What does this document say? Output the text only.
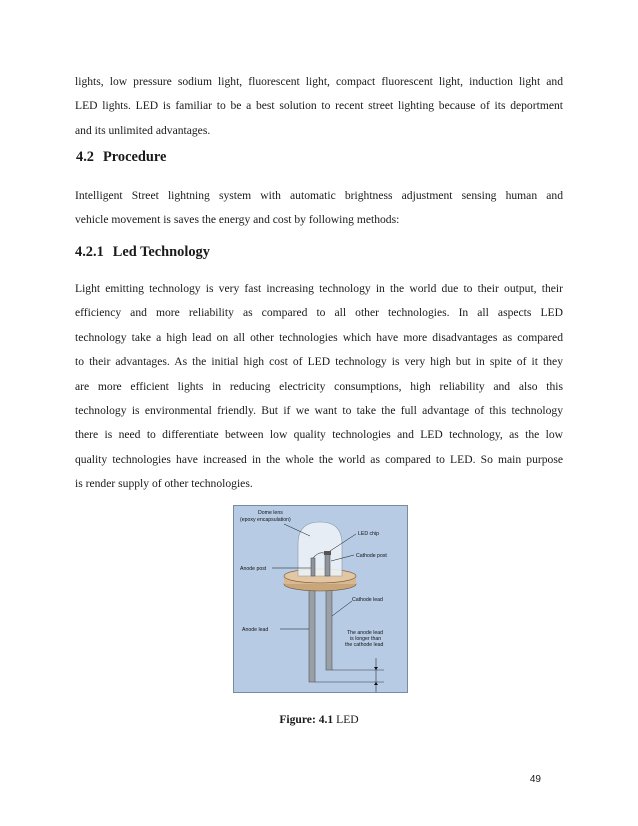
lights, low pressure sodium light, fluorescent light, compact fluorescent light, induction light and
LED lights. LED is familiar to be a best solution to recent street lighting because of its deportment
and its unlimited advantages.
4.2 Procedure
Intelligent Street lightning system with automatic brightness adjustment sensing human and
vehicle movement is saves the energy and cost by following methods:
4.2.1 Led Technology
Light emitting technology is very fast increasing technology in the world due to their output, their
efficiency and more reliability as compared to all other technologies. In all aspects LED
technology take a high lead on all other technologies which have more disadvantages as compared
to their advantages. As the initial high cost of LED technology is very high but in spite of it they
are more efficient lights in reducing electricity consumptions, high reliability and also this
technology is environmental friendly. But if we want to take the full advantage of this technology
there is need to differentiate between low quality technologies and LED technology, as the low
quality technologies have increased in the whole the world as compared to LED. So main purpose
is render supply of other technologies.
Dome lens
(epoxy encapsulation)
LED chip
Cathode post
Anode post
Cathode lead
Anode lead	The anode lead
is longer than
the cathode lead
Figure: 4.1 LED
49
